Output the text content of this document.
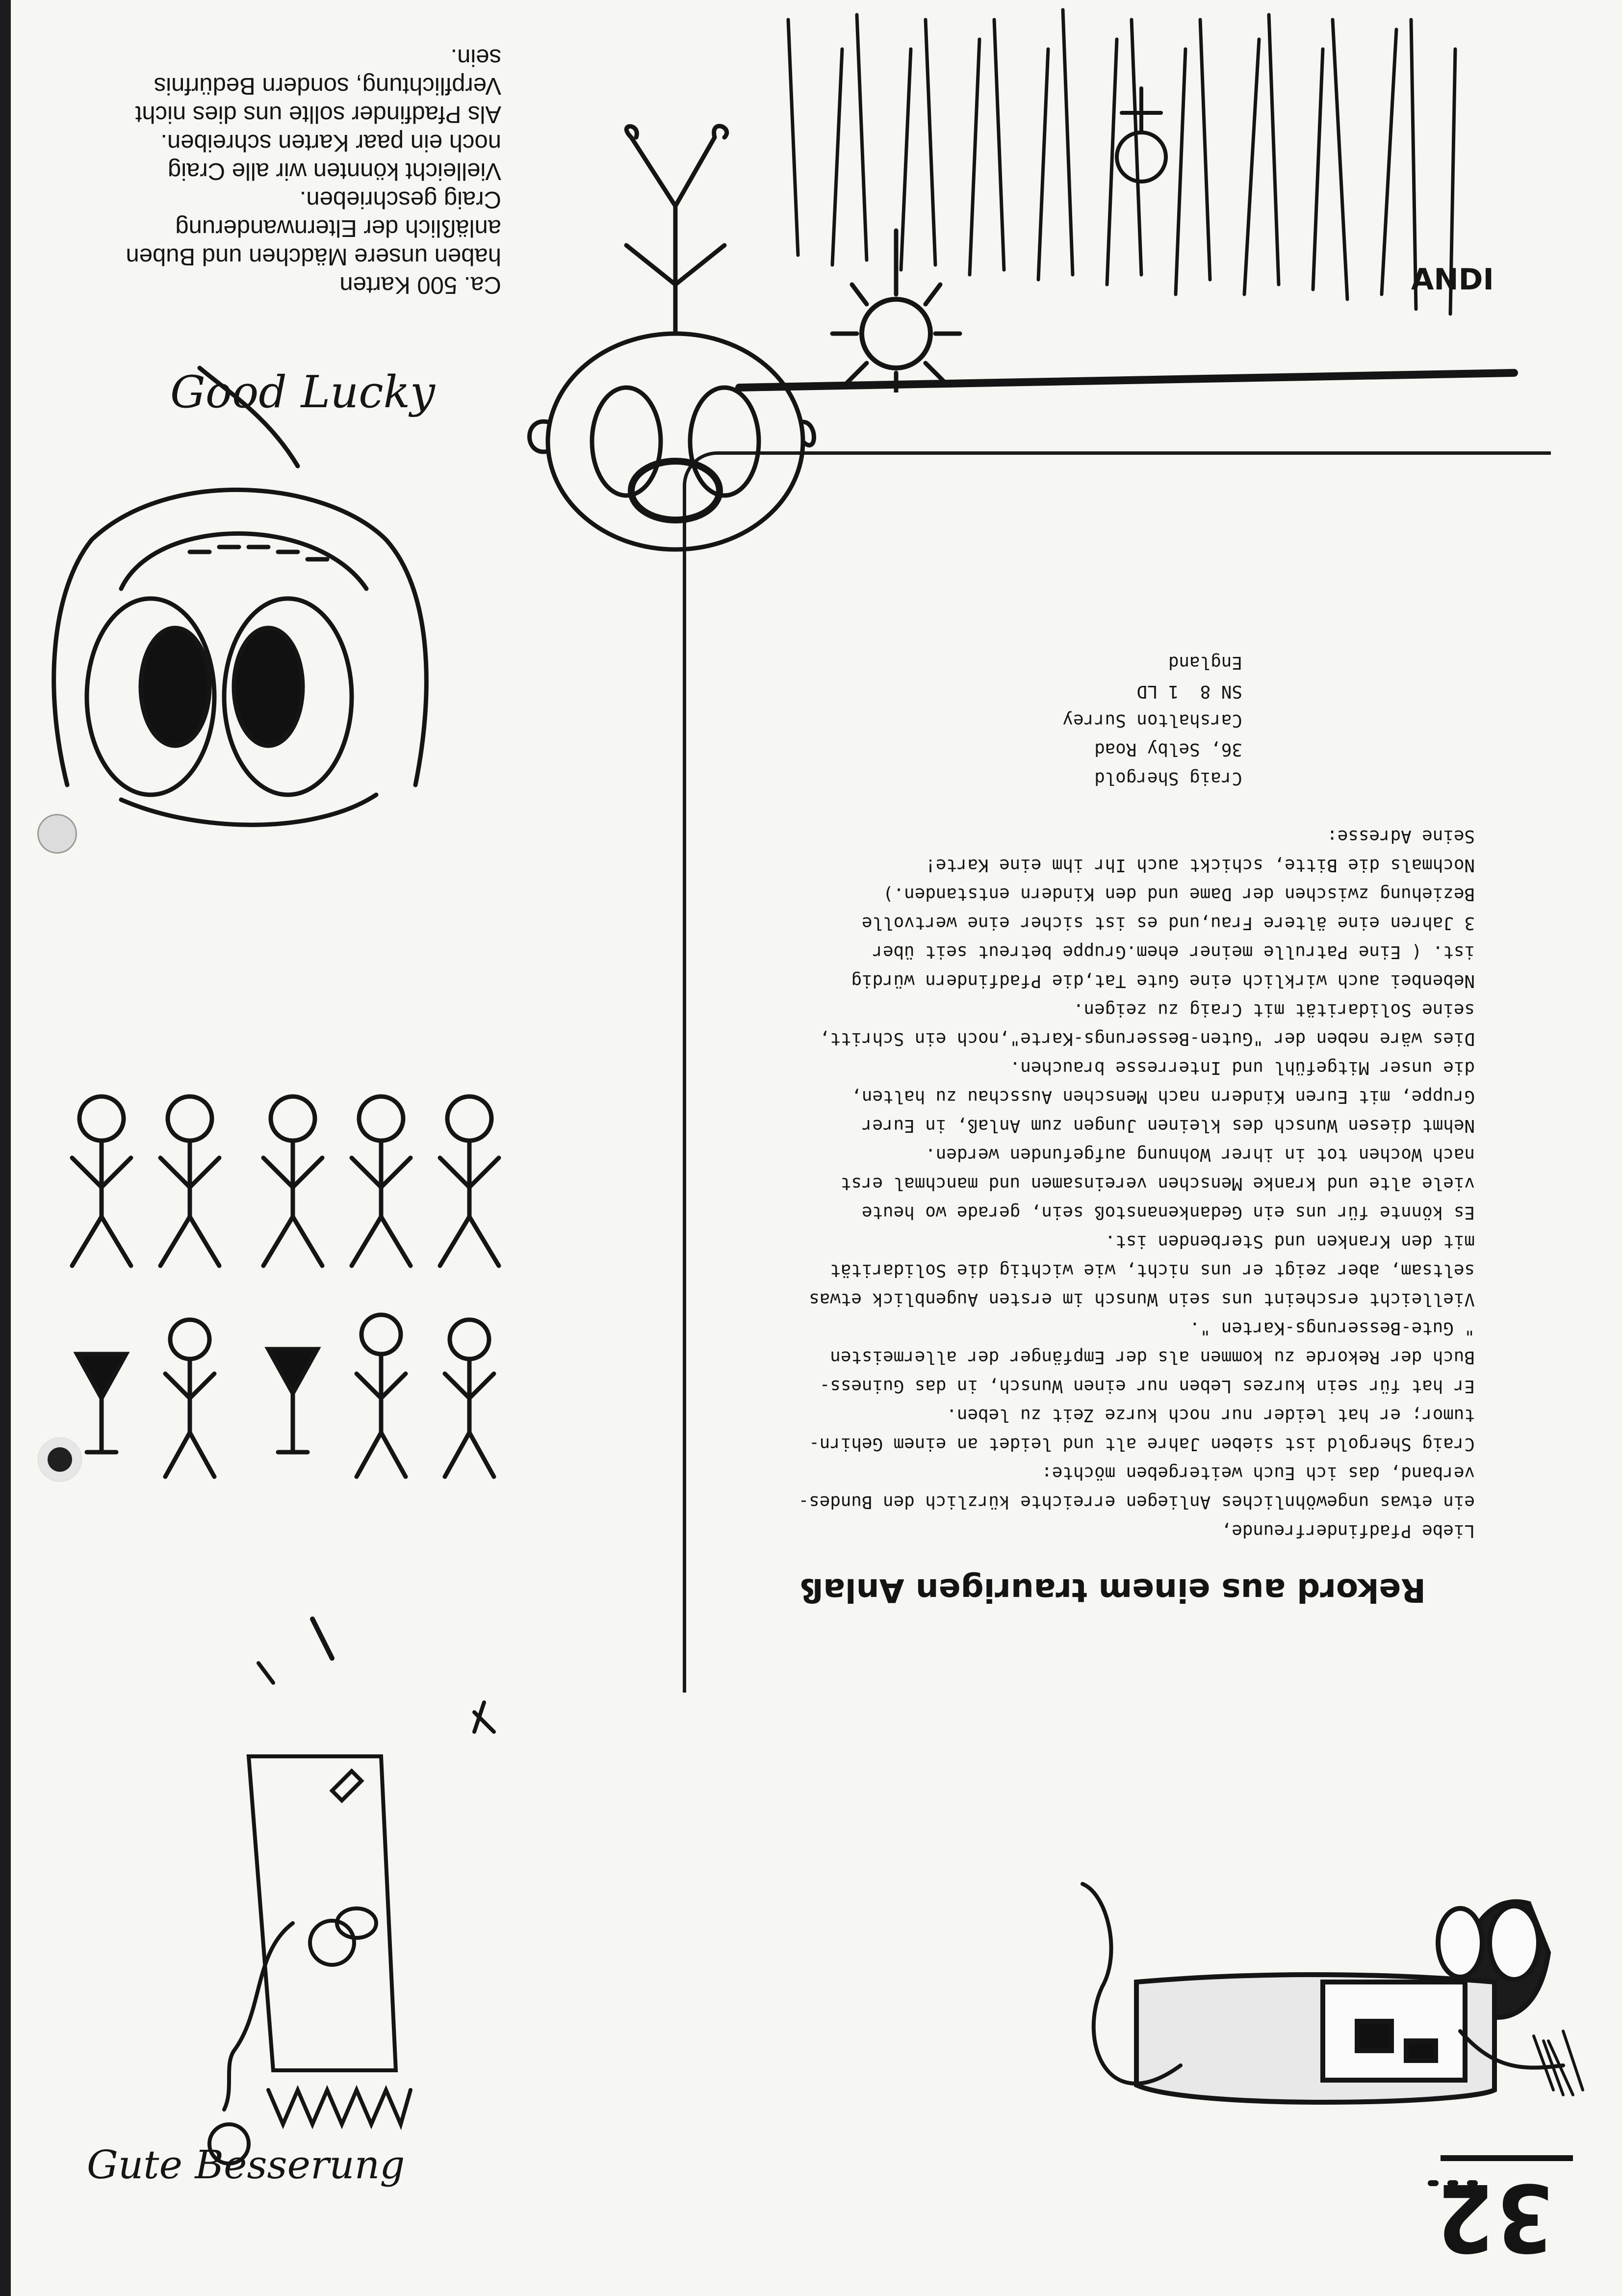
32
Rekord aus einem traurigen Anlaß
Liebe Pfadfinderfreunde,
ein etwas ungewöhnliches Anliegen erreichte kürzlich den Bundes-
verband, das ich Euch weitergeben möchte:
Craig Shergold ist sieben Jahre alt und leidet an einem Gehirn-
tumor; er hat leider nur noch kurze Zeit zu leben.
Er hat für sein kurzes Leben nur einen Wunsch, in das Guiness-
Buch der Rekorde zu kommen als der Empfänger der allermeisten
" Gute-Besserungs-Karten ".
Vielleicht erscheint uns sein Wunsch im ersten Augenblick etwas
seltsam, aber zeigt er uns nicht, wie wichtig die Solidarität
mit den Kranken und Sterbenden ist.
Es könnte für uns ein Gedankenanstoß sein, gerade wo heute
viele alte und kranke Menschen vereinsamen und manchmal erst
nach Wochen tot in ihrer Wohnung aufgefunden werden.
Nehmt diesen Wunsch des kleinen Jungen zum Anlaß, in Eurer
Gruppe, mit Euren Kindern nach Menschen Ausschau zu halten,
die unser Mitgefühl und Interresse brauchen.
Dies wäre neben der "Guten-Besserungs-Karte",noch ein Schritt,
seine Solidarität mit Craig zu zeigen.
Nebenbei auch wirklich eine Gute Tat,die Pfadfindern würdig
ist. ( Eine Patrulle meiner ehem.Gruppe betreut seit über
3 Jahren eine ältere Frau,und es ist sicher eine wertvolle
Beziehung zwischen der Dame und den Kindern entstanden.)
Nochmals die Bitte, schickt auch Ihr ihm eine Karte!
Seine Adresse:

Craig Shergold
36, Selby Road
Carshalton Surrey
SN 8  1 LD
England

Ca. 500 Karten
haben unsere Mädchen und Buben
anläßlich der Elternwanderung
Craig geschrieben.
Vielleicht könnten wir alle Craig
noch ein paar Karten schreiben.
Als Pfadfinder sollte uns dies nicht
Verpflichtung, sondern Bedürfnis
sein.
Gute Besserung
Good Lucky
ANDI
